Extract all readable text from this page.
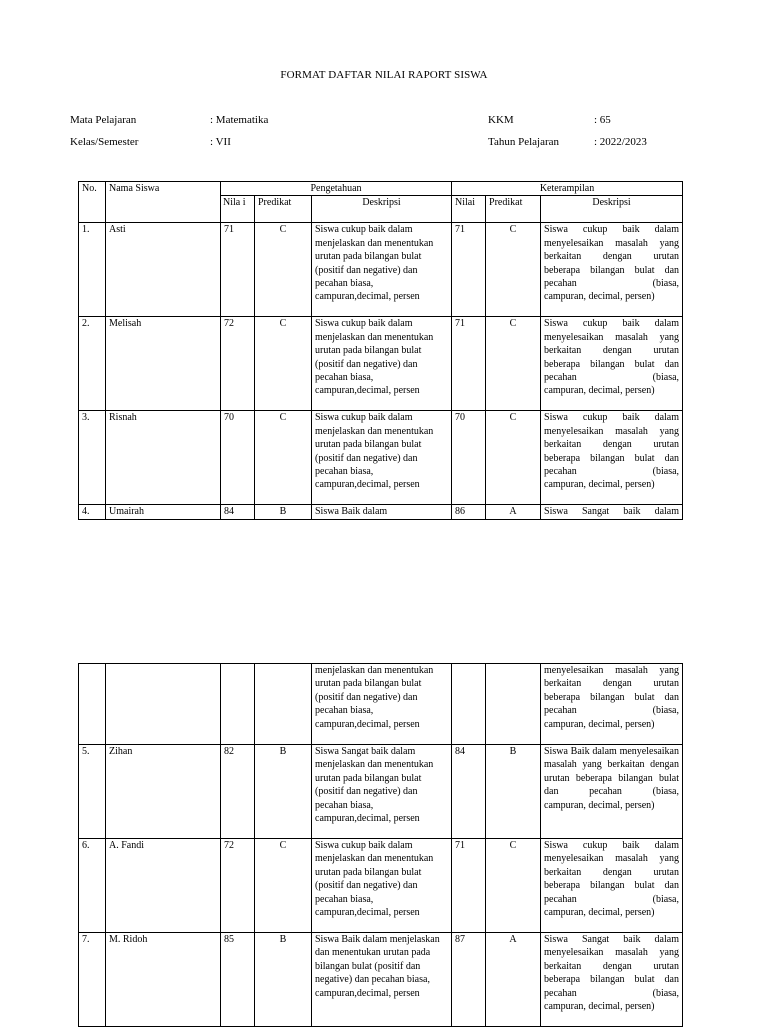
FORMAT DAFTAR NILAI RAPORT SISWA
Mata Pelajaran	: Matematika	KKM	: 65
Kelas/Semester	: VII	Tahun Pelajaran	: 2022/2023
No.	Nama Siswa	Pengetahuan			Keterampilan		
		Nila i	Predikat	Deskripsi	Nilai	Predikat	Deskripsi
1.	Asti	71	C	Siswa cukup baik dalam menjelaskan dan menentukan urutan pada bilangan bulat (positif dan negative) dan pecahan biasa, campuran,decimal, persen	71	C	Siswa cukup baik dalam menyelesaikan masalah yang berkaitan dengan urutan beberapa bilangan bulat dan pecahan (biasa,
campuran, decimal, persen)

2.	Melisah	72	C	Siswa cukup baik dalam menjelaskan dan menentukan urutan pada bilangan bulat (positif dan negative) dan pecahan biasa, campuran,decimal, persen	71	C	Siswa cukup baik dalam menyelesaikan masalah yang berkaitan dengan urutan beberapa bilangan bulat dan pecahan (biasa,
campuran, decimal, persen)

3.	Risnah	70	C	Siswa cukup baik dalam menjelaskan dan menentukan urutan pada bilangan bulat (positif dan negative) dan pecahan biasa, campuran,decimal, persen	70	C	Siswa cukup baik dalam menyelesaikan masalah yang berkaitan dengan urutan beberapa bilangan bulat dan pecahan (biasa,
campuran, decimal, persen)

4.	Umairah	84	B	Siswa Baik dalam	86	A	Siswa Sangat baik dalam
				menjelaskan dan menentukan urutan pada bilangan bulat (positif dan negative) dan pecahan biasa, campuran,decimal, persen			menyelesaikan masalah yang berkaitan dengan urutan beberapa bilangan bulat dan pecahan (biasa,
campuran, decimal, persen)

5.	Zihan	82	B	Siswa Sangat baik dalam menjelaskan dan menentukan urutan pada bilangan bulat (positif dan negative) dan pecahan biasa, campuran,decimal, persen	84	B	Siswa Baik dalam menyelesaikan masalah yang berkaitan dengan urutan beberapa bilangan bulat dan pecahan (biasa,
campuran, decimal, persen)

6.	A. Fandi	72	C	Siswa cukup baik dalam menjelaskan dan menentukan urutan pada bilangan bulat (positif dan negative) dan pecahan biasa, campuran,decimal, persen	71	C	Siswa cukup baik dalam menyelesaikan masalah yang berkaitan dengan urutan beberapa bilangan bulat dan pecahan (biasa,
campuran, decimal, persen)

7.	M. Ridoh	85	B	Siswa Baik dalam menjelaskan dan menentukan urutan pada bilangan bulat (positif dan negative) dan pecahan biasa, campuran,decimal, persen	87	A	Siswa Sangat baik dalam menyelesaikan masalah yang berkaitan dengan urutan beberapa bilangan bulat dan pecahan (biasa,
campuran, decimal, persen)
